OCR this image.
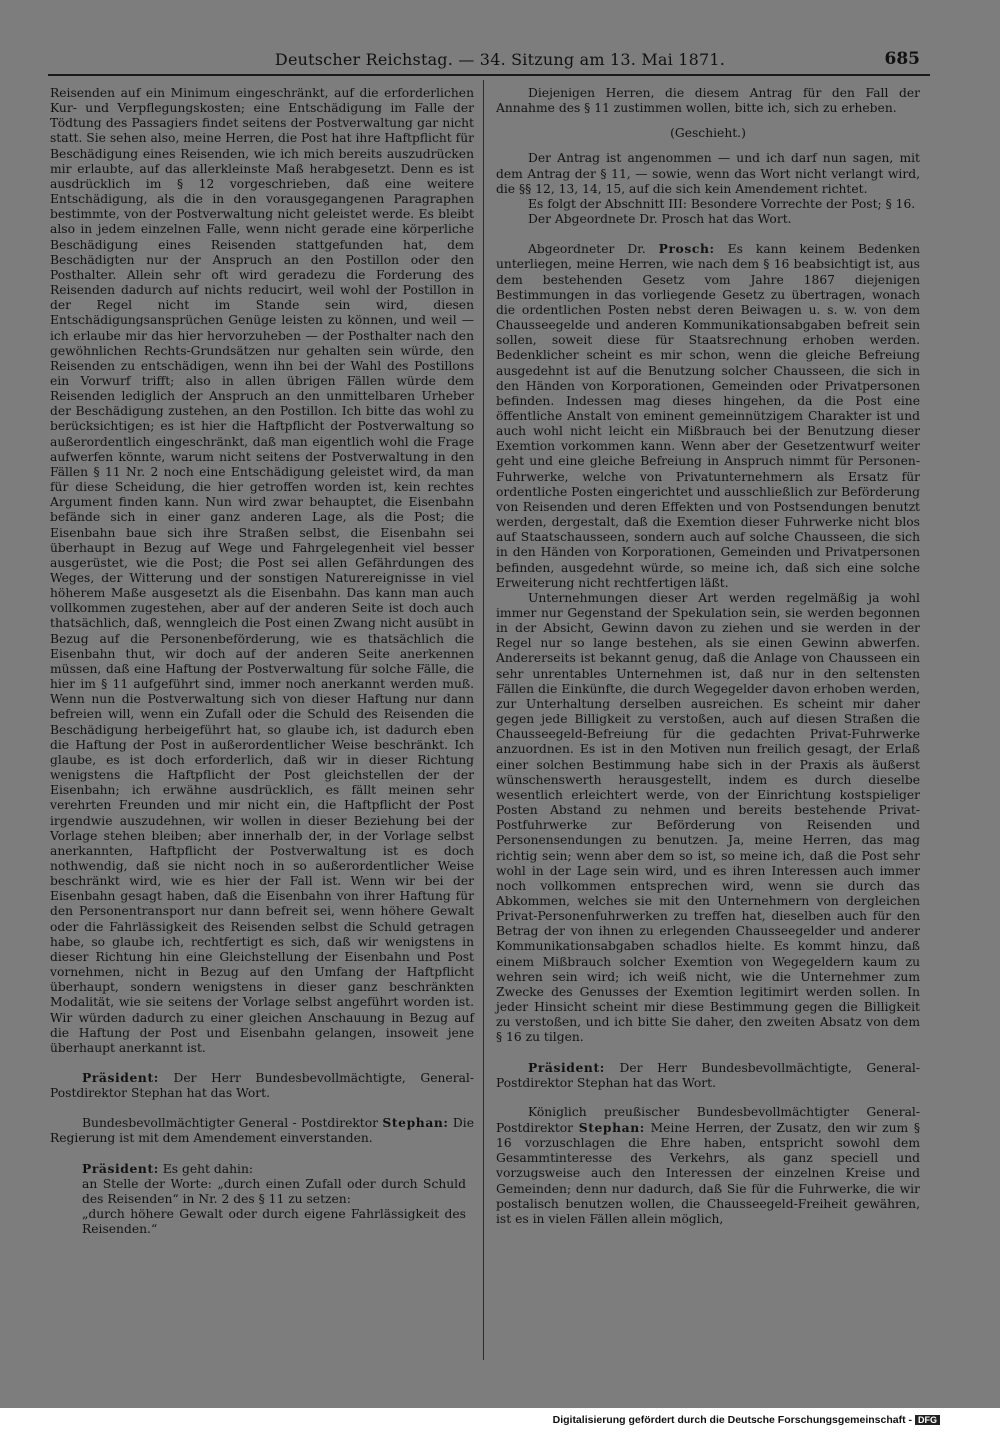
Deutscher Reichstag. — 34. Sitzung am 13. Mai 1871.	685

Reisenden auf ein Minimum eingeschränkt, auf die erforderlichen Kur- und Verpflegungskosten; eine Entschädigung im Falle der Tödtung des Passagiers findet seitens der Postverwaltung gar nicht statt. Sie sehen also, meine Herren, die Post hat ihre Haftpflicht für Beschädigung eines Reisenden, wie ich mich bereits auszudrücken mir erlaubte, auf das allerkleinste Maß herabgesetzt. Denn es ist ausdrücklich im § 12 vorgeschrieben, daß eine weitere Entschädigung, als die in den vorausgegangenen Paragraphen bestimmte, von der Postverwaltung nicht geleistet werde. Es bleibt also in jedem einzelnen Falle, wenn nicht gerade eine körperliche Beschädigung eines Reisenden stattgefunden hat, dem Beschädigten nur der Anspruch an den Postillon oder den Posthalter. Allein sehr oft wird geradezu die Forderung des Reisenden dadurch auf nichts reducirt, weil wohl der Postillon in der Regel nicht im Stande sein wird, diesen Entschädigungsansprüchen Genüge leisten zu können, und weil — ich erlaube mir das hier hervorzuheben — der Posthalter nach den gewöhnlichen Rechts-Grundsätzen nur gehalten sein würde, den Reisenden zu entschädigen, wenn ihn bei der Wahl des Postillons ein Vorwurf trifft; also in allen übrigen Fällen würde dem Reisenden lediglich der Anspruch an den unmittelbaren Urheber der Beschädigung zustehen, an den Postillon. Ich bitte das wohl zu berücksichtigen; es ist hier die Haftpflicht der Postverwaltung so außerordentlich eingeschränkt, daß man eigentlich wohl die Frage aufwerfen könnte, warum nicht seitens der Postverwaltung in den Fällen § 11 Nr. 2 noch eine Entschädigung geleistet wird, da man für diese Scheidung, die hier getroffen worden ist, kein rechtes Argument finden kann. Nun wird zwar behauptet, die Eisenbahn befände sich in einer ganz anderen Lage, als die Post; die Eisenbahn baue sich ihre Straßen selbst, die Eisenbahn sei überhaupt in Bezug auf Wege und Fahrgelegenheit viel besser ausgerüstet, wie die Post; die Post sei allen Gefährdungen des Weges, der Witterung und der sonstigen Naturereignisse in viel höherem Maße ausgesetzt als die Eisenbahn. Das kann man auch vollkommen zugestehen, aber auf der anderen Seite ist doch auch thatsächlich, daß, wenngleich die Post einen Zwang nicht ausübt in Bezug auf die Personenbeförderung, wie es thatsächlich die Eisenbahn thut, wir doch auf der anderen Seite anerkennen müssen, daß eine Haftung der Postverwaltung für solche Fälle, die hier im § 11 aufgeführt sind, immer noch anerkannt werden muß. Wenn nun die Postverwaltung sich von dieser Haftung nur dann befreien will, wenn ein Zufall oder die Schuld des Reisenden die Beschädigung herbeigeführt hat, so glaube ich, ist dadurch eben die Haftung der Post in außerordentlicher Weise beschränkt. Ich glaube, es ist doch erforderlich, daß wir in dieser Richtung wenigstens die Haftpflicht der Post gleichstellen der der Eisenbahn; ich erwähne ausdrücklich, es fällt meinen sehr verehrten Freunden und mir nicht ein, die Haftpflicht der Post irgendwie auszudehnen, wir wollen in dieser Beziehung bei der Vorlage stehen bleiben; aber innerhalb der, in der Vorlage selbst anerkannten, Haftpflicht der Postverwaltung ist es doch nothwendig, daß sie nicht noch in so außerordentlicher Weise beschränkt wird, wie es hier der Fall ist. Wenn wir bei der Eisenbahn gesagt haben, daß die Eisenbahn von ihrer Haftung für den Personentransport nur dann befreit sei, wenn höhere Gewalt oder die Fahrlässigkeit des Reisenden selbst die Schuld getragen habe, so glaube ich, rechtfertigt es sich, daß wir wenigstens in dieser Richtung hin eine Gleichstellung der Eisenbahn und Post vornehmen, nicht in Bezug auf den Umfang der Haftpflicht überhaupt, sondern wenigstens in dieser ganz beschränkten Modalität, wie sie seitens der Vorlage selbst angeführt worden ist. Wir würden dadurch zu einer gleichen Anschauung in Bezug auf die Haftung der Post und Eisenbahn gelangen, insoweit jene überhaupt anerkannt ist.

Präsident: Der Herr Bundesbevollmächtigte, General-Postdirektor Stephan hat das Wort.

Bundesbevollmächtigter General - Postdirektor Stephan: Die Regierung ist mit dem Amendement einverstanden.

Präsident: Es geht dahin:

an Stelle der Worte: „durch einen Zufall oder durch Schuld des Reisenden“ in Nr. 2 des § 11 zu setzen:

„durch höhere Gewalt oder durch eigene Fahrlässigkeit des Reisenden.“

Diejenigen Herren, die diesem Antrag für den Fall der Annahme des § 11 zustimmen wollen, bitte ich, sich zu erheben.

(Geschieht.)

Der Antrag ist angenommen — und ich darf nun sagen, mit dem Antrag der § 11, — sowie, wenn das Wort nicht verlangt wird, die §§ 12, 13, 14, 15, auf die sich kein Amendement richtet.

Es folgt der Abschnitt III: Besondere Vorrechte der Post; § 16.

Der Abgeordnete Dr. Prosch hat das Wort.

Abgeordneter Dr. Prosch: Es kann keinem Bedenken unterliegen, meine Herren, wie nach dem § 16 beabsichtigt ist, aus dem bestehenden Gesetz vom Jahre 1867 diejenigen Bestimmungen in das vorliegende Gesetz zu übertragen, wonach die ordentlichen Posten nebst deren Beiwagen u. s. w. von dem Chausseegelde und anderen Kommunikationsabgaben befreit sein sollen, soweit diese für Staatsrechnung erhoben werden. Bedenklicher scheint es mir schon, wenn die gleiche Befreiung ausgedehnt ist auf die Benutzung solcher Chausseen, die sich in den Händen von Korporationen, Gemeinden oder Privatpersonen befinden. Indessen mag dieses hingehen, da die Post eine öffentliche Anstalt von eminent gemeinnützigem Charakter ist und auch wohl nicht leicht ein Mißbrauch bei der Benutzung dieser Exemtion vorkommen kann. Wenn aber der Gesetzentwurf weiter geht und eine gleiche Befreiung in Anspruch nimmt für Personen-Fuhrwerke, welche von Privatunternehmern als Ersatz für ordentliche Posten eingerichtet und ausschließlich zur Beförderung von Reisenden und deren Effekten und von Postsendungen benutzt werden, dergestalt, daß die Exemtion dieser Fuhrwerke nicht blos auf Staatschausseen, sondern auch auf solche Chausseen, die sich in den Händen von Korporationen, Gemeinden und Privatpersonen befinden, ausgedehnt würde, so meine ich, daß sich eine solche Erweiterung nicht rechtfertigen läßt.

Unternehmungen dieser Art werden regelmäßig ja wohl immer nur Gegenstand der Spekulation sein, sie werden begonnen in der Absicht, Gewinn davon zu ziehen und sie werden in der Regel nur so lange bestehen, als sie einen Gewinn abwerfen. Andererseits ist bekannt genug, daß die Anlage von Chausseen ein sehr unrentables Unternehmen ist, daß nur in den seltensten Fällen die Einkünfte, die durch Wegegelder davon erhoben werden, zur Unterhaltung derselben ausreichen. Es scheint mir daher gegen jede Billigkeit zu verstoßen, auch auf diesen Straßen die Chausseegeld-Befreiung für die gedachten Privat-Fuhrwerke anzuordnen. Es ist in den Motiven nun freilich gesagt, der Erlaß einer solchen Bestimmung habe sich in der Praxis als äußerst wünschenswerth herausgestellt, indem es durch dieselbe wesentlich erleichtert werde, von der Einrichtung kostspieliger Posten Abstand zu nehmen und bereits bestehende Privat-Postfuhrwerke zur Beförderung von Reisenden und Personensendungen zu benutzen. Ja, meine Herren, das mag richtig sein; wenn aber dem so ist, so meine ich, daß die Post sehr wohl in der Lage sein wird, und es ihren Interessen auch immer noch vollkommen entsprechen wird, wenn sie durch das Abkommen, welches sie mit den Unternehmern von dergleichen Privat-Personenfuhrwerken zu treffen hat, dieselben auch für den Betrag der von ihnen zu erlegenden Chausseegelder und anderer Kommunikationsabgaben schadlos hielte. Es kommt hinzu, daß einem Mißbrauch solcher Exemtion von Wegegeldern kaum zu wehren sein wird; ich weiß nicht, wie die Unternehmer zum Zwecke des Genusses der Exemtion legitimirt werden sollen. In jeder Hinsicht scheint mir diese Bestimmung gegen die Billigkeit zu verstoßen, und ich bitte Sie daher, den zweiten Absatz von dem § 16 zu tilgen.

Präsident: Der Herr Bundesbevollmächtigte, General-Postdirektor Stephan hat das Wort.

Königlich preußischer Bundesbevollmächtigter General-Postdirektor Stephan: Meine Herren, der Zusatz, den wir zum § 16 vorzuschlagen die Ehre haben, entspricht sowohl dem Gesammtinteresse des Verkehrs, als ganz speciell und vorzugsweise auch den Interessen der einzelnen Kreise und Gemeinden; denn nur dadurch, daß Sie für die Fuhrwerke, die wir postalisch benutzen wollen, die Chausseegeld-Freiheit gewähren, ist es in vielen Fällen allein möglich,

Digitalisierung gefördert durch die Deutsche Forschungsgemeinschaft - DFG
